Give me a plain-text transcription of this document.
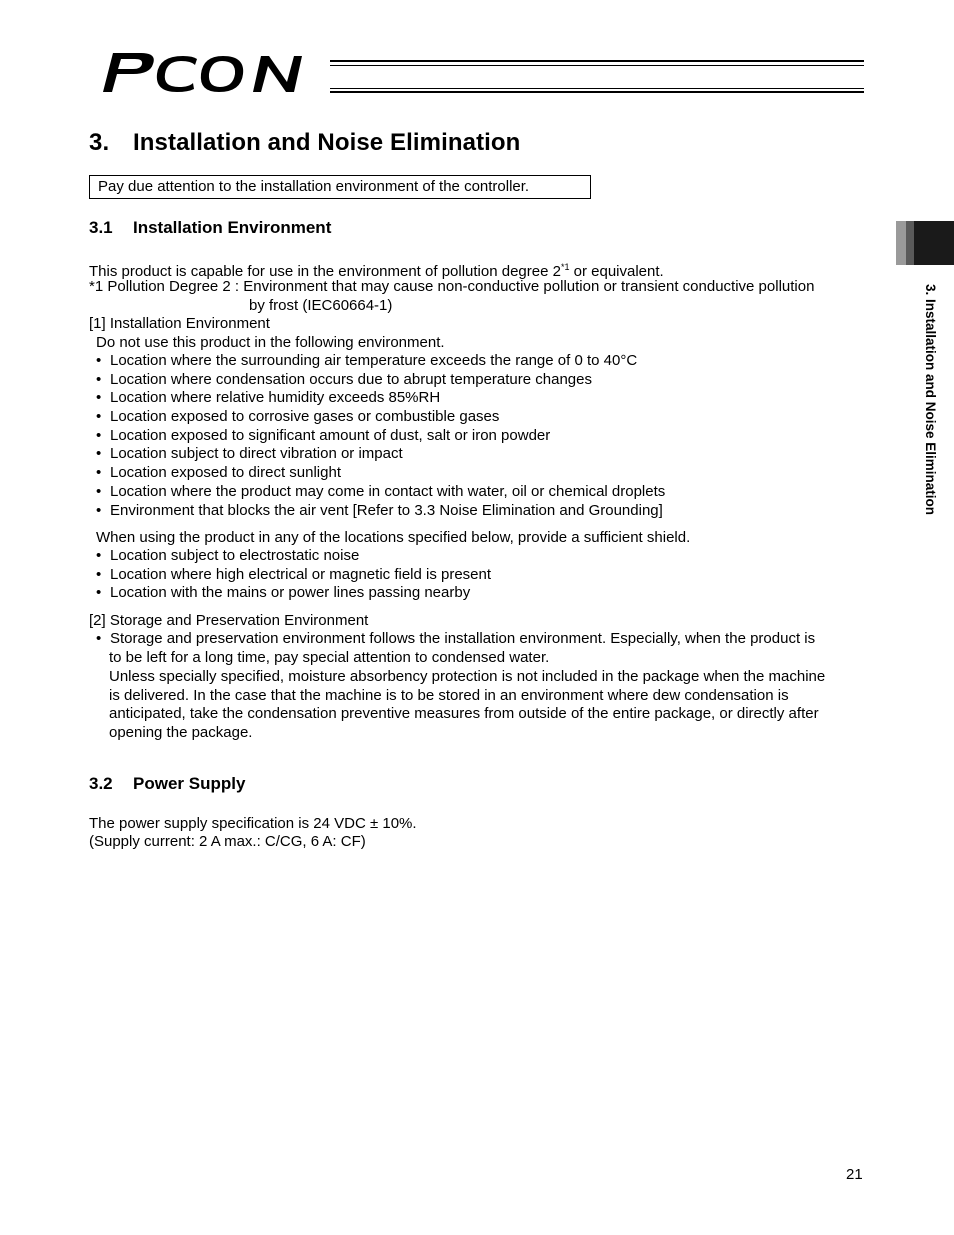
3. Installation and Noise Elimination
Pay due attention to the installation environment of the controller.
3.1 Installation Environment
This product is capable for use in the environment of pollution degree 2$^{*1}$ or equivalent.
*1 Pollution Degree 2 : Environment that may cause non-conductive pollution or transient conductive pollution
by frost (IEC60664-1)
[1] Installation Environment
Do not use this product in the following environment.
• Location where the surrounding air temperature exceeds the range of 0 to 40°C
• Location where condensation occurs due to abrupt temperature changes
• Location where relative humidity exceeds 85%RH
• Location exposed to corrosive gases or combustible gases
• Location exposed to significant amount of dust, salt or iron powder
• Location subject to direct vibration or impact
• Location exposed to direct sunlight
• Location where the product may come in contact with water, oil or chemical droplets
• Environment that blocks the air vent [Refer to 3.3 Noise Elimination and Grounding]
When using the product in any of the locations specified below, provide a sufficient shield.
• Location subject to electrostatic noise
• Location where high electrical or magnetic field is present
• Location with the mains or power lines passing nearby
[2] Storage and Preservation Environment
• Storage and preservation environment follows the installation environment. Especially, when the product is
to be left for a long time, pay special attention to condensed water.
Unless specially specified, moisture absorbency protection is not included in the package when the machine
is delivered. In the case that the machine is to be stored in an environment where dew condensation is
anticipated, take the condensation preventive measures from outside of the entire package, or directly after
opening the package.
3.2 Power Supply
The power supply specification is 24 VDC ± 10%.
(Supply current: 2 A max.: C/CG, 6 A: CF)
3. Installation and Noise Elimination
21
